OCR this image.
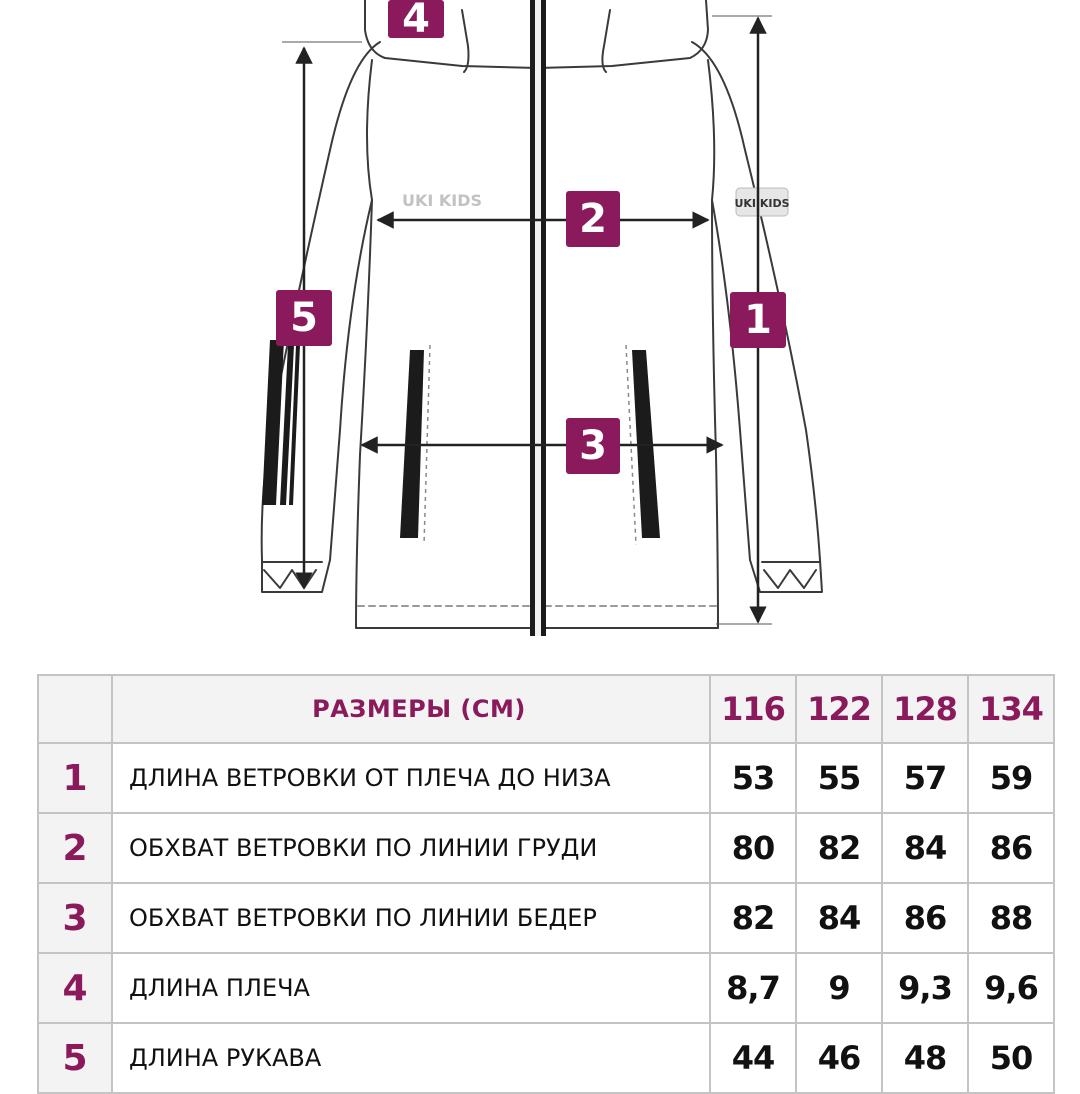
UKI KIDS
UKI KIDS
4
2
5	1
3
	РАЗМЕРЫ (СМ)	116	122	128	134
1	ДЛИНА ВЕТРОВКИ ОТ ПЛЕЧА ДО НИЗА	53	55	57	59
2	ОБХВАТ ВЕТРОВКИ ПО ЛИНИИ ГРУДИ	80	82	84	86
3	ОБХВАТ ВЕТРОВКИ ПО ЛИНИИ БЕДЕР	82	84	86	88
4	ДЛИНА ПЛЕЧА	8,7	9	9,3	9,6
5	ДЛИНА РУКАВА	44	46	48	50
